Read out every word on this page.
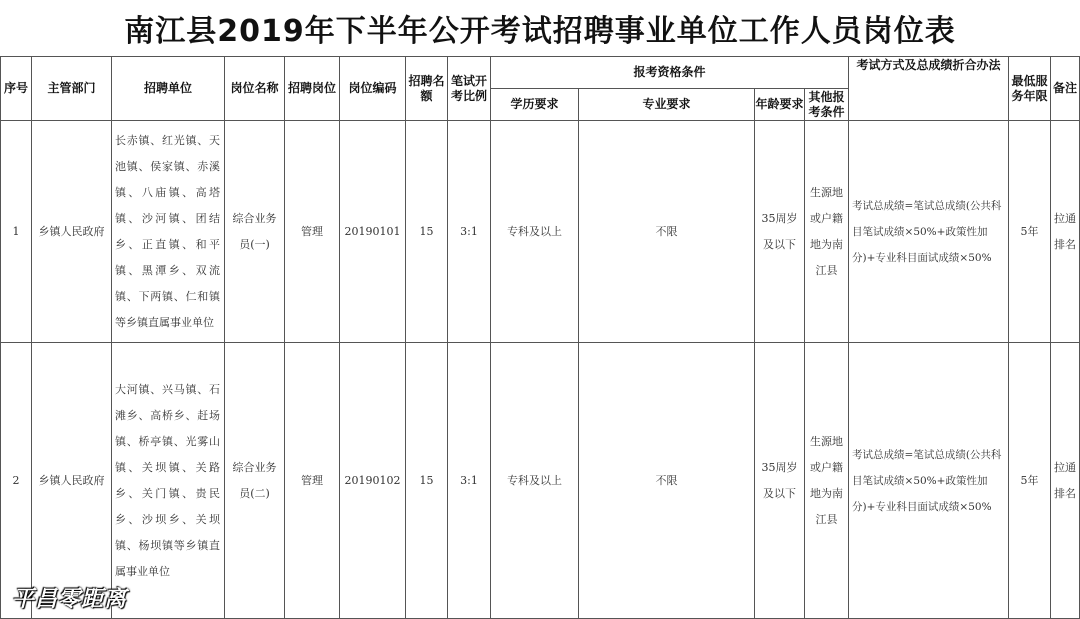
南江县2019年下半年公开考试招聘事业单位工作人员岗位表
序号	主管部门	招聘单位	岗位名称	招聘岗位	岗位编码	招聘名额	笔试开考比例	报考资格条件				考试方式及总成绩折合办法	最低服务年限	备注
								学历要求	专业要求	年龄要求	其他报考条件			
1	乡镇人民政府	长赤镇、红光镇、天池镇、侯家镇、赤溪镇、八庙镇、高塔镇、沙河镇、团结乡、正直镇、和平镇、黑潭乡、双流镇、下两镇、仁和镇等乡镇直属事业单位	综合业务员(一)	管理	20190101	15	3:1	专科及以上	不限	35周岁及以下	生源地或户籍地为南江县	考试总成绩=笔试总成绩(公共科目笔试成绩×50%+政策性加分)+专业科目面试成绩×50%	5年	拉通排名
2	乡镇人民政府	大河镇、兴马镇、石滩乡、高桥乡、赶场镇、桥亭镇、光雾山镇、关坝镇、关路乡、关门镇、贵民乡、沙坝乡、关坝镇、杨坝镇等乡镇直属事业单位	综合业务员(二)	管理	20190102	15	3:1	专科及以上	不限	35周岁及以下	生源地或户籍地为南江县	考试总成绩=笔试总成绩(公共科目笔试成绩×50%+政策性加分)+专业科目面试成绩×50%	5年	拉通排名
平昌零距离
